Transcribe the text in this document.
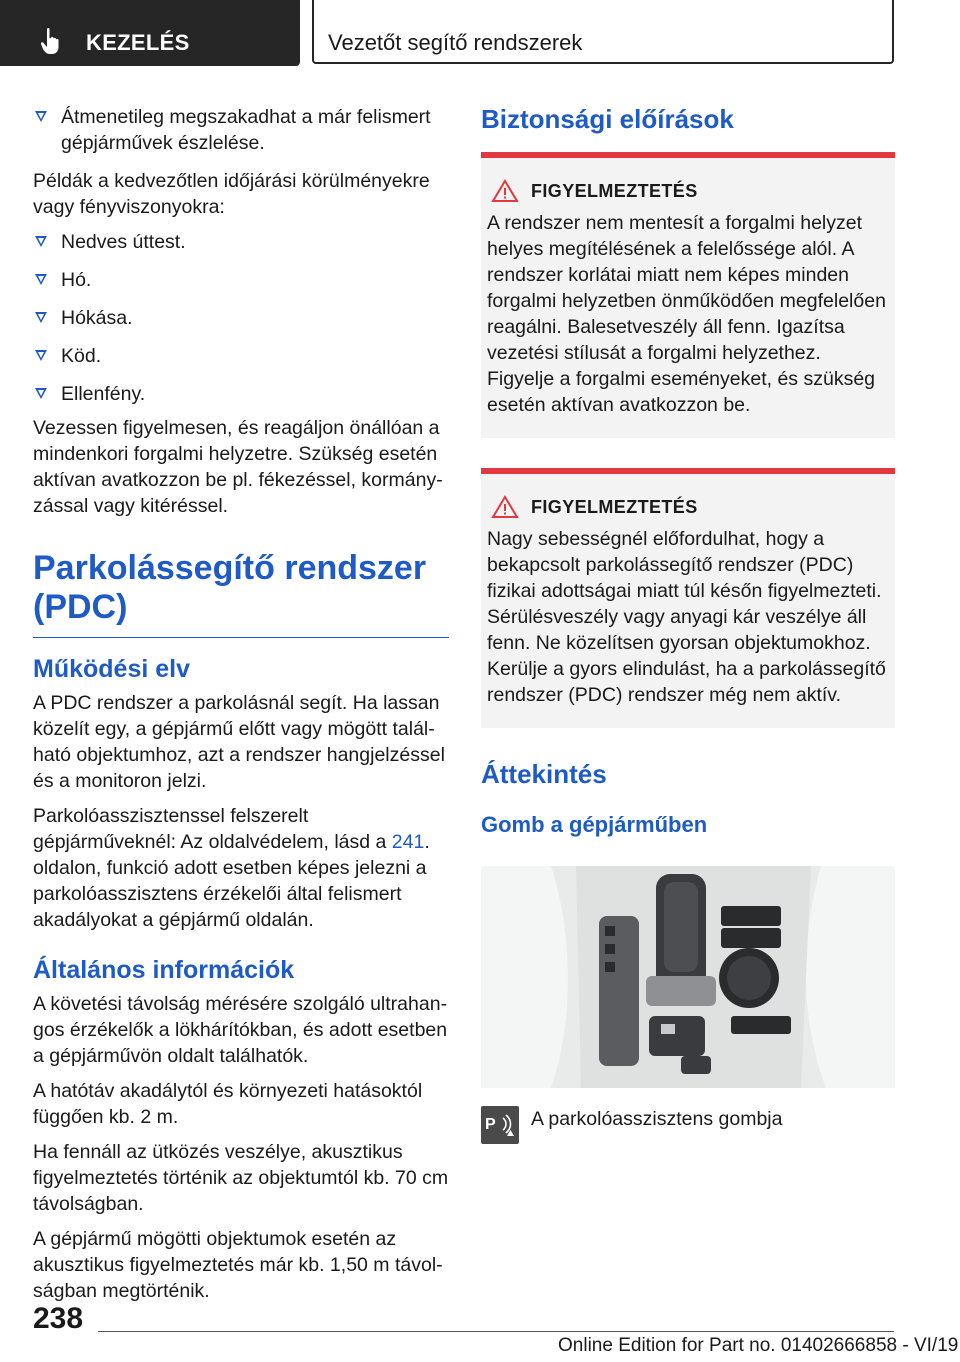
KEZELÉS	Vezetőt segítő rendszerek
Átmenetileg megszakadhat a már felismert gépjárművek észlelése.

Példák a kedvezőtlen időjárási körülményekre vagy fényviszonyokra:

Nedves úttest.
Hó.
Hókása.
Köd.
Ellenfény.

Vezessen figyelmesen, és reagáljon önállóan a mindenkori forgalmi helyzetre. Szükség esetén aktívan avatkozzon be pl. fékezéssel, kormányzással vagy kitéréssel.

Parkolássegítő rendszer (PDC)
Működési elv

A PDC rendszer a parkolásnál segít. Ha lassan közelít egy, a gépjármű előtt vagy mögött található objektumhoz, azt a rendszer hangjelzéssel és a monitoron jelzi.

Parkolóasszisztenssel felszerelt gépjárműveknél: Az oldalvédelem, lásd a 241. oldalon, funkció adott esetben képes jelezni a parkolóasszisztens érzékelői által felismert akadályokat a gépjármű oldalán.

Általános információk

A követési távolság mérésére szolgáló ultrahangos érzékelők a lökhárítókban, és adott esetben a gépjárművön oldalt találhatók.

A hatótáv akadálytól és környezeti hatásoktól függően kb. 2 m.

Ha fennáll az ütközés veszélye, akusztikus figyelmeztetés történik az objektumtól kb. 70 cm távolságban.

A gépjármű mögötti objektumok esetén az akusztikus figyelmeztetés már kb. 1,50 m távolságban megtörténik.

Biztonsági előírások
FIGYELMEZTETÉS

A rendszer nem mentesít a forgalmi helyzet helyes megítélésének a felelőssége alól. A rendszer korlátai miatt nem képes minden forgalmi helyzetben önműködően megfelelően reagálni. Balesetveszély áll fenn. Igazítsa vezetési stílusát a forgalmi helyzethez. Figyelje a forgalmi eseményeket, és szükség esetén aktívan avatkozzon be.

FIGYELMEZTETÉS

Nagy sebességnél előfordulhat, hogy a bekapcsolt parkolássegítő rendszer (PDC) fizikai adottságai miatt túl későn figyelmezteti. Sérülésveszély vagy anyagi kár veszélye áll fenn. Ne közelítsen gyorsan objektumokhoz. Kerülje a gyors elindulást, ha a parkolássegítő rendszer (PDC) rendszer még nem aktív.

Áttekintés
Gomb a gépjárműben
P A parkolóasszisztens gombja
238
Online Edition for Part no. 01402666858 - VI/19
